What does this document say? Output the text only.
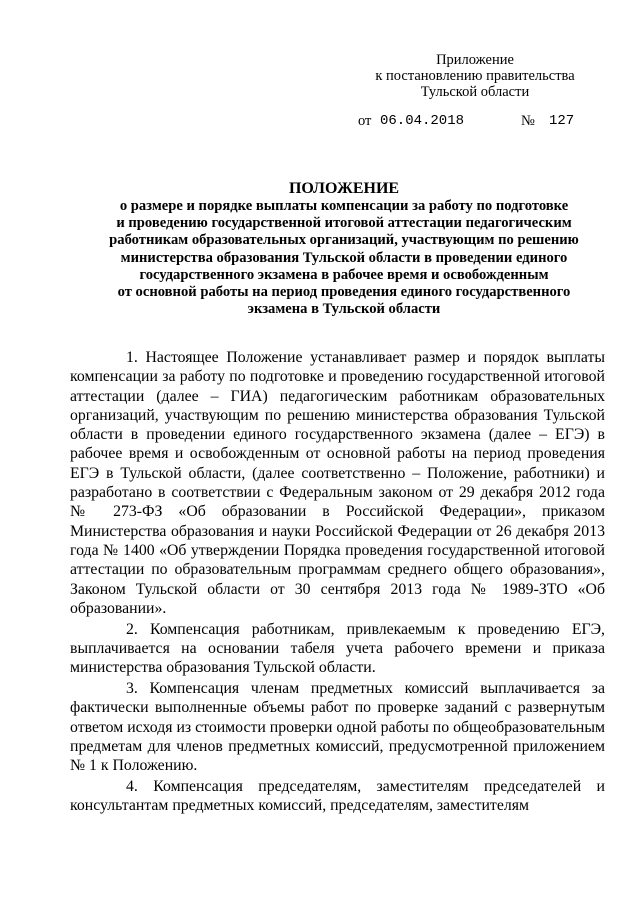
Приложение
к постановлению правительства
Тульской области
от 06.04.2018	№ 127
ПОЛОЖЕНИЕ
о размере и порядке выплаты компенсации за работу по подготовке
и проведению государственной итоговой аттестации педагогическим
работникам образовательных организаций, участвующим по решению
министерства образования Тульской области в проведении единого
государственного экзамена в рабочее время и освобожденным
от основной работы на период проведения единого государственного
экзамена в Тульской области

1. Настоящее Положение устанавливает размер и порядок выплаты компенсации за работу по подготовке и проведению государственной итоговой аттестации (далее – ГИА) педагогическим работникам образовательных организаций, участвующим по решению министерства образования Тульской области в проведении единого государственного экзамена (далее – ЕГЭ) в рабочее время и освобожденным от основной работы на период проведения ЕГЭ в Тульской области, (далее соответственно – Положение, работники) и разработано в соответствии с Федеральным законом от 29 декабря 2012 года № 273-ФЗ «Об образовании в Российской Федерации», приказом Министерства образования и науки Российской Федерации от 26 декабря 2013 года № 1400 «Об утверждении Порядка проведения государственной итоговой аттестации по образовательным программам среднего общего образования», Законом Тульской области от 30 сентября 2013 года № 1989-ЗТО «Об образовании».

2. Компенсация работникам, привлекаемым к проведению ЕГЭ, выплачивается на основании табеля учета рабочего времени и приказа министерства образования Тульской области.

3. Компенсация членам предметных комиссий выплачивается за фактически выполненные объемы работ по проверке заданий с развернутым ответом исходя из стоимости проверки одной работы по общеобразовательным предметам для членов предметных комиссий, предусмотренной приложением № 1 к Положению.

4. Компенсация председателям, заместителям председателей и консультантам предметных комиссий, председателям, заместителям
